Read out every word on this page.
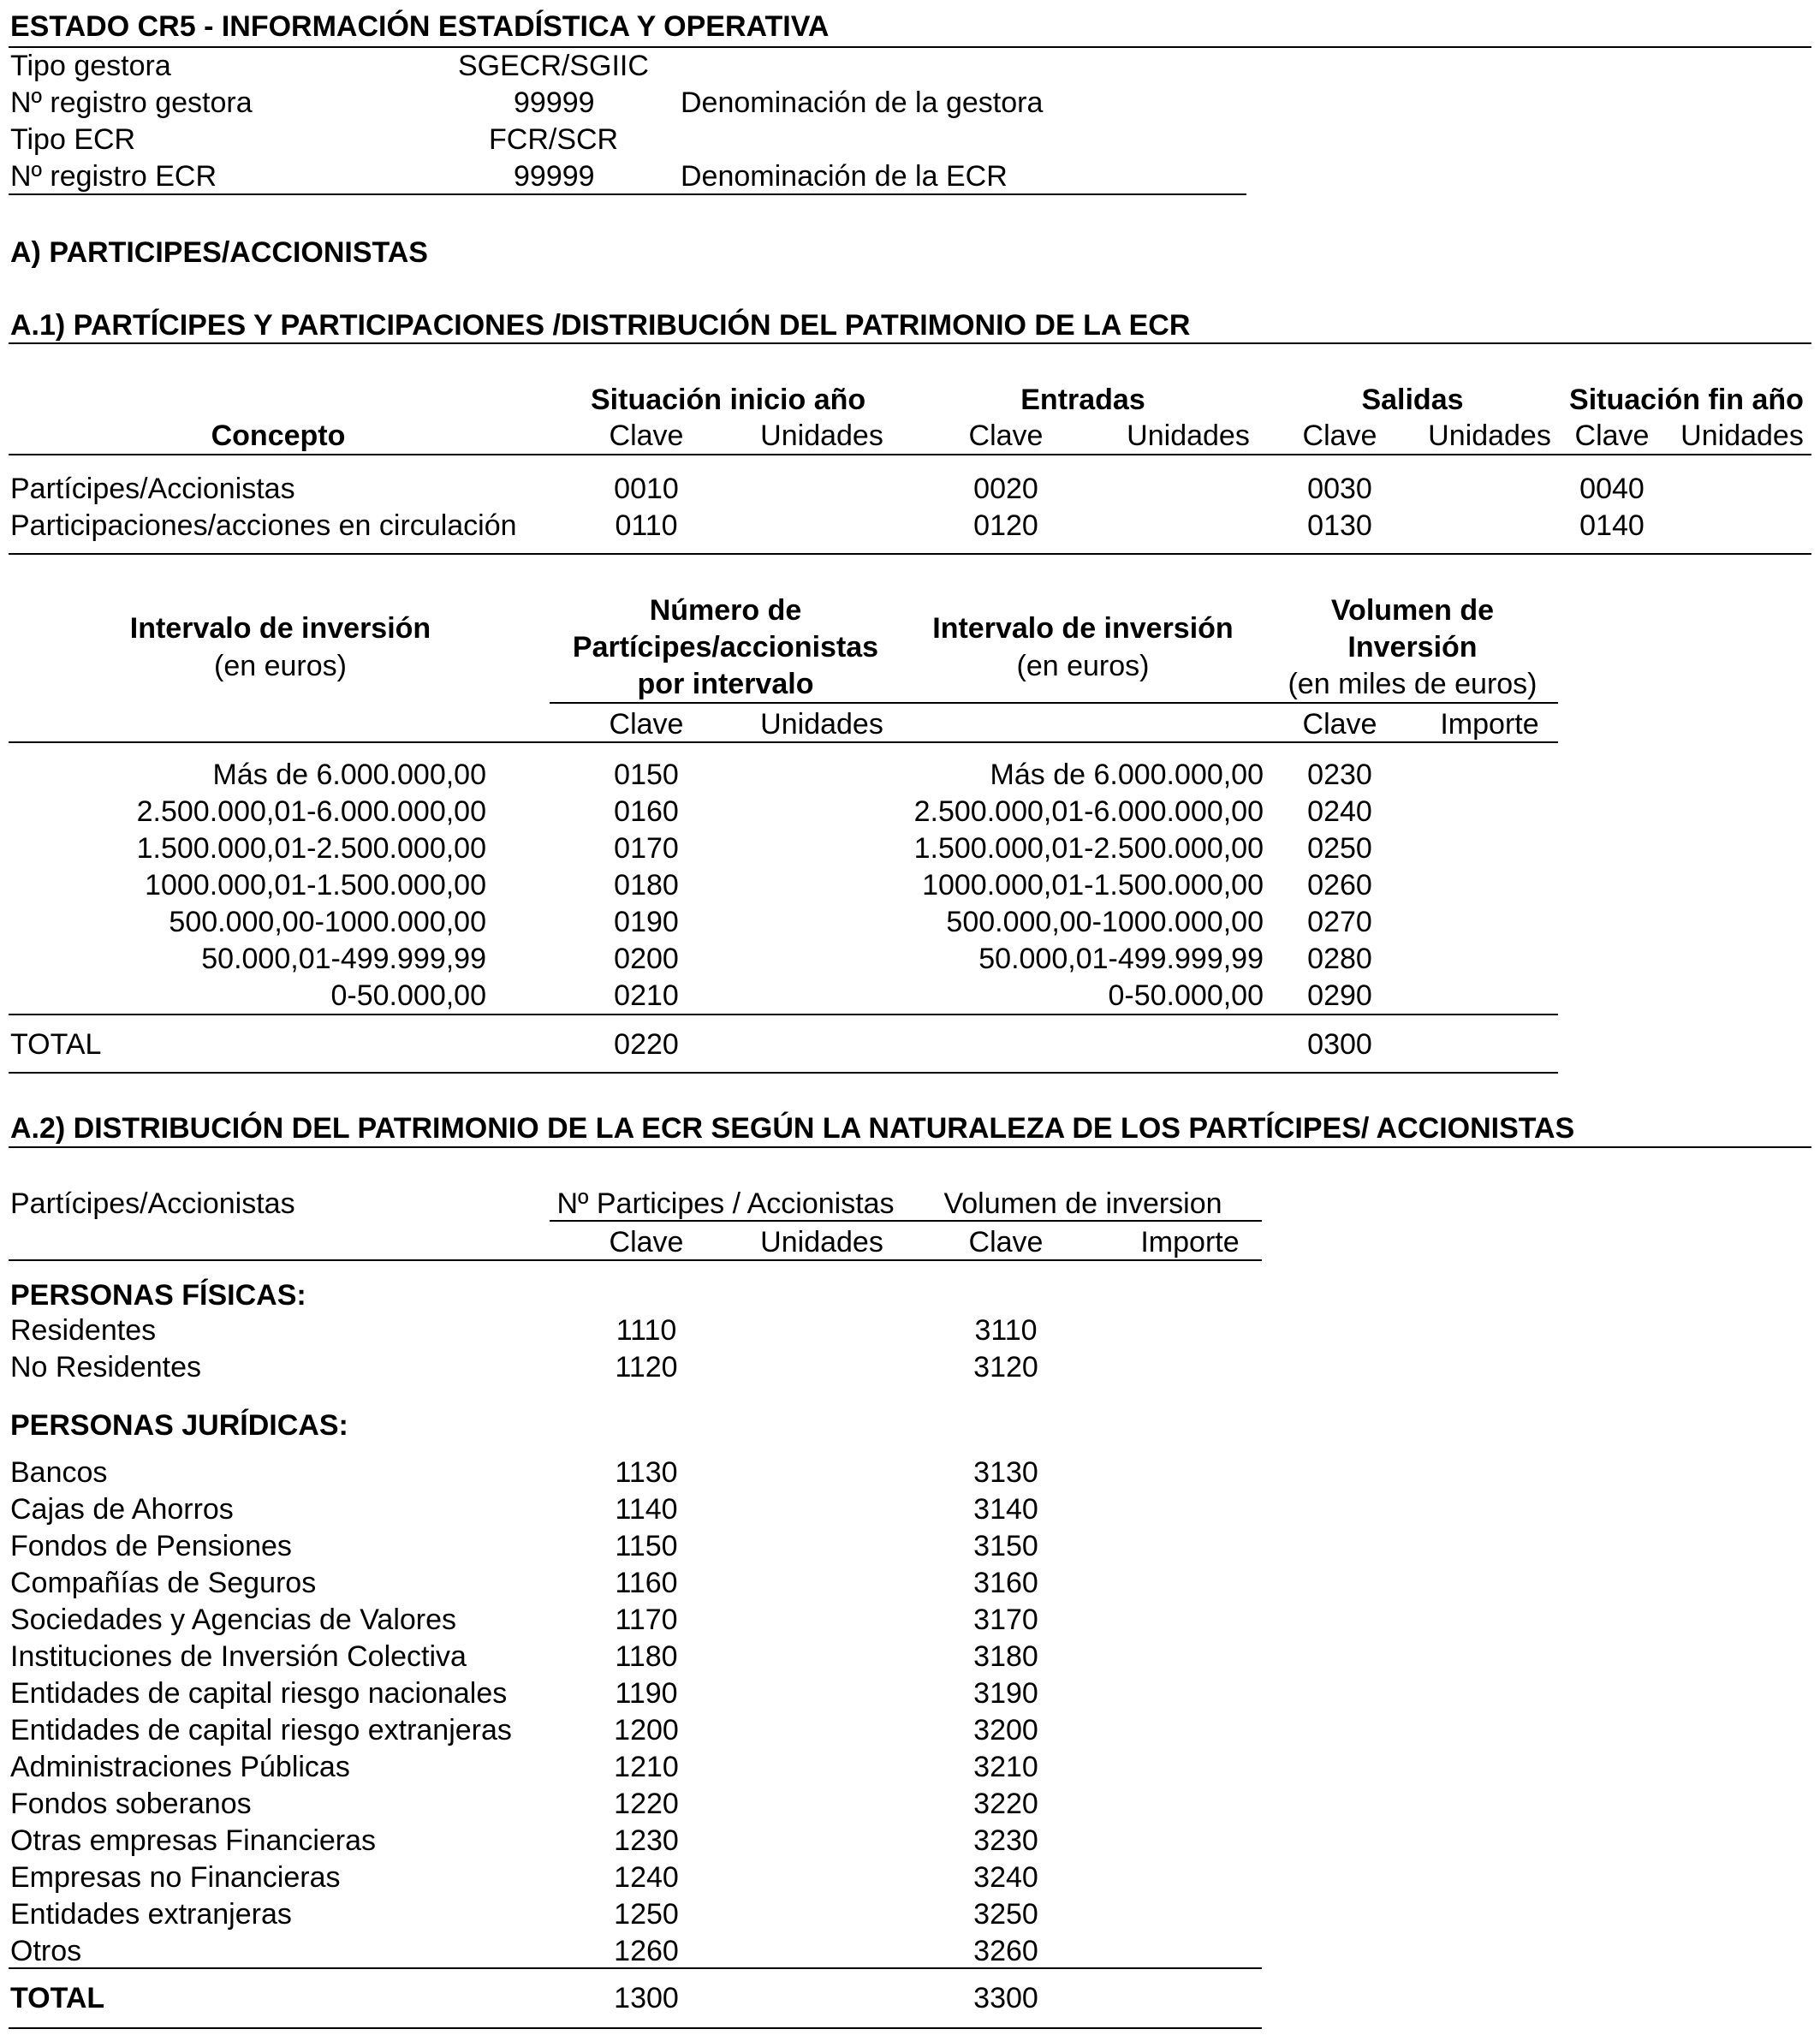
ESTADO CR5 - INFORMACIÓN ESTADÍSTICA Y OPERATIVA
Tipo gestora	SGECR/SGIIC
Nº registro gestora	99999	Denominación de la gestora
Tipo ECR	FCR/SCR
Nº registro ECR	99999	Denominación de la ECR
A) PARTICIPES/ACCIONISTAS
A.1) PARTÍCIPES Y PARTICIPACIONES /DISTRIBUCIÓN DEL PATRIMONIO DE LA ECR
Situación inicio año	Entradas	Salidas	Situación fin año
Concepto	Clave	Unidades	Clave	Unidades	Clave	Unidades Clave	Unidades
Partícipes/Accionistas	0010	0020	0030	0040
Participaciones/acciones en circulación	0110	0120	0130	0140
Intervalo de inversión
(en euros)
Número de
Partícipes/accionistas
por intervalo
Intervalo de inversión
(en euros)
Volumen de
Inversión
(en miles de euros)
Clave	Unidades	Clave	Importe
Más de 6.000.000,00	0150	Más de 6.000.000,00	0230
2.500.000,01-6.000.000,00	0160	2.500.000,01-6.000.000,00	0240
1.500.000,01-2.500.000,00	0170	1.500.000,01-2.500.000,00	0250
1000.000,01-1.500.000,00	0180	1000.000,01-1.500.000,00	0260
500.000,00-1000.000,00	0190	500.000,00-1000.000,00	0270
50.000,01-499.999,99	0200	50.000,01-499.999,99	0280
0-50.000,00	0210	0-50.000,00	0290
TOTAL	0220	0300
A.2) DISTRIBUCIÓN DEL PATRIMONIO DE LA ECR SEGÚN LA NATURALEZA DE LOS PARTÍCIPES/ ACCIONISTAS
Partícipes/Accionistas	Nº Participes / Accionistas	Volumen de inversion
Clave	Unidades	Clave	Importe
PERSONAS FÍSICAS:
Residentes	1110	3110
No Residentes	1120	3120
PERSONAS JURÍDICAS:
Bancos	1130	3130
Cajas de Ahorros	1140	3140
Fondos de Pensiones	1150	3150
Compañías de Seguros	1160	3160
Sociedades y Agencias de Valores	1170	3170
Instituciones de Inversión Colectiva	1180	3180
Entidades de capital riesgo nacionales	1190	3190
Entidades de capital riesgo extranjeras	1200	3200
Administraciones Públicas	1210	3210
Fondos soberanos	1220	3220
Otras empresas Financieras	1230	3230
Empresas no Financieras	1240	3240
Entidades extranjeras	1250	3250
Otros	1260	3260
TOTAL	1300	3300
